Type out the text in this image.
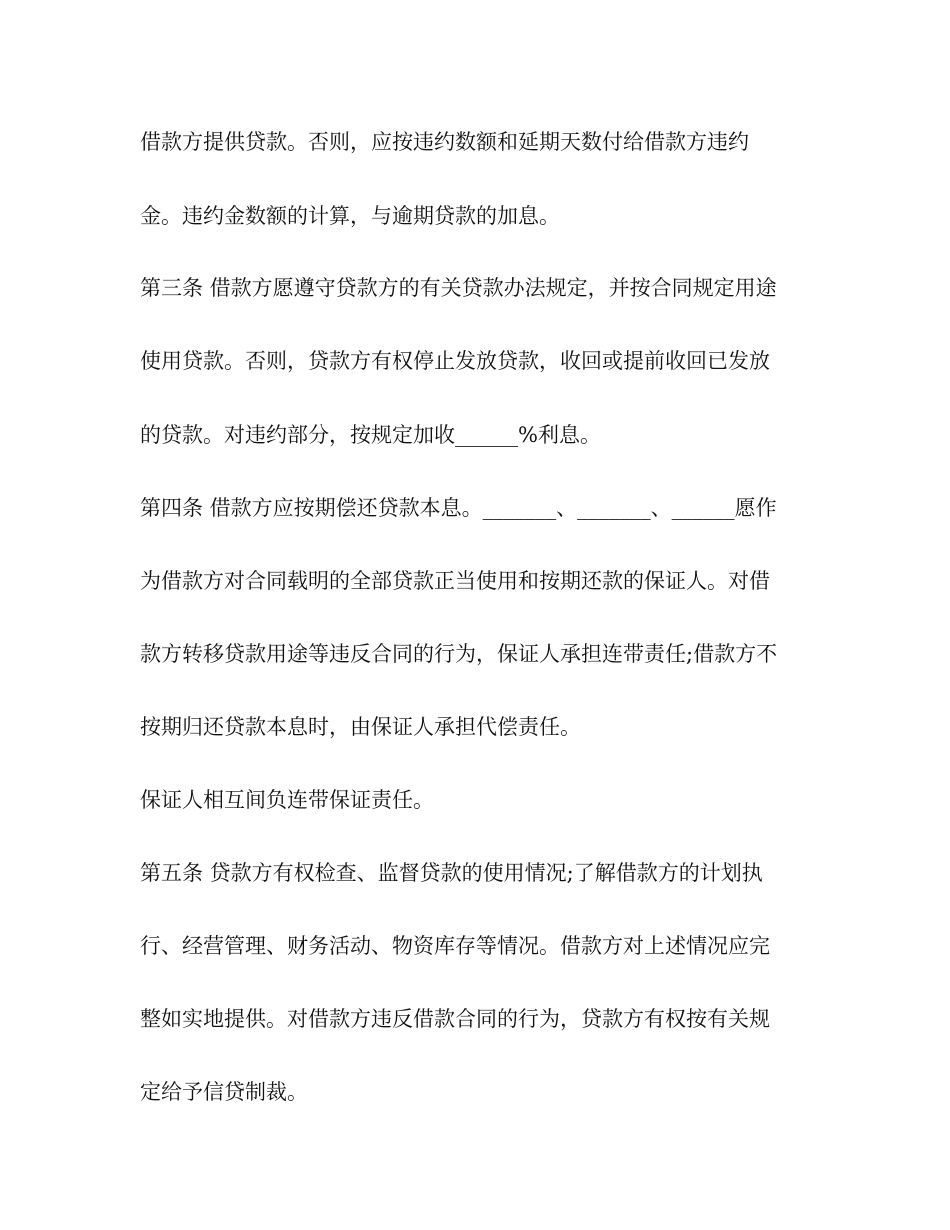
借款方提供贷款。否则，应按违约数额和延期天数付给借款方违约
金。违约金数额的计算，与逾期贷款的加息。
第三条 借款方愿遵守贷款方的有关贷款办法规定，并按合同规定用途
使用贷款。否则，贷款方有权停止发放贷款，收回或提前收回已发放
的贷款。对违约部分，按规定加收______%利息。
第四条 借款方应按期偿还贷款本息。_______、_______、______愿作
为借款方对合同载明的全部贷款正当使用和按期还款的保证人。对借
款方转移贷款用途等违反合同的行为，保证人承担连带责任;借款方不
按期归还贷款本息时，由保证人承担代偿责任。
保证人相互间负连带保证责任。
第五条 贷款方有权检查、监督贷款的使用情况;了解借款方的计划执
行、经营管理、财务活动、物资库存等情况。借款方对上述情况应完
整如实地提供。对借款方违反借款合同的行为，贷款方有权按有关规
定给予信贷制裁。
